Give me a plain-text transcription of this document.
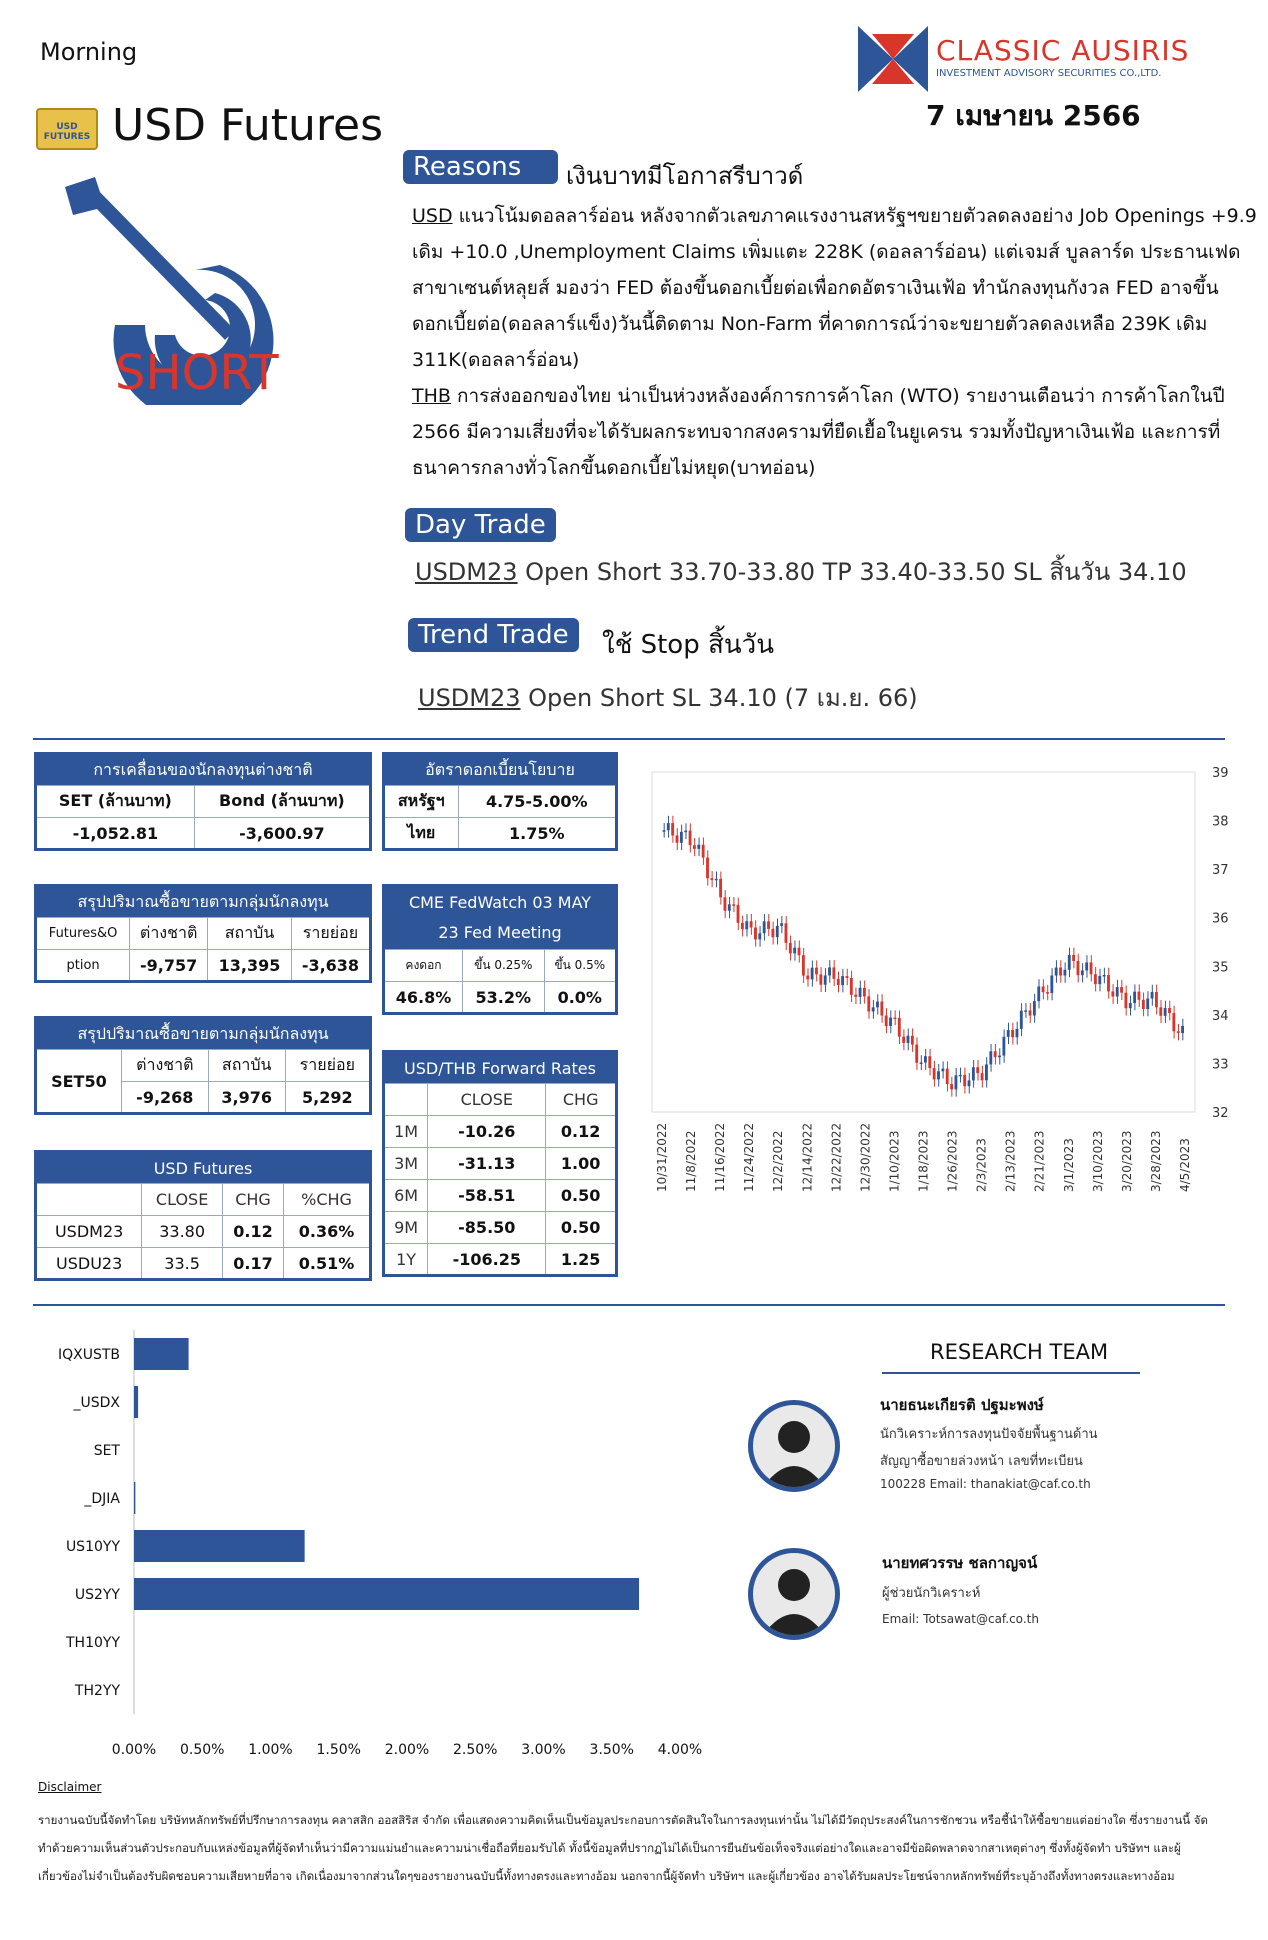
Morning
USD FUTURES USD Futures
CLASSIC AUSIRIS
INVESTMENT ADVISORY SECURITIES CO.,LTD.
7 เมษายน 2566
SHORT
Reasons	เงินบาทมีโอกาสรีบาวด์
USD แนวโน้มดอลลาร์อ่อน หลังจากตัวเลขภาคแรงงานสหรัฐฯขยายตัวลดลงอย่าง Job Openings +9.9 เดิม +10.0 ,Unemployment Claims เพิ่มแตะ 228K (ดอลลาร์อ่อน) แต่เจมส์ บูลลาร์ด ประธานเฟดสาขาเซนต์หลุยส์ มองว่า FED ต้องขึ้นดอกเบี้ยต่อเพื่อกดอัตราเงินเฟ้อ ทำนักลงทุนกังวล FED อาจขึ้นดอกเบี้ยต่อ(ดอลลาร์แข็ง)วันนี้ติดตาม Non-Farm ที่คาดการณ์ว่าจะขยายตัวลดลงเหลือ 239K เดิม 311K(ดอลลาร์อ่อน)
THB การส่งออกของไทย น่าเป็นห่วงหลังองค์การการค้าโลก (WTO) รายงานเตือนว่า การค้าโลกในปี 2566 มีความเสี่ยงที่จะได้รับผลกระทบจากสงครามที่ยืดเยื้อในยูเครน รวมทั้งปัญหาเงินเฟ้อ และการที่ธนาคารกลางทั่วโลกขึ้นดอกเบี้ยไม่หยุด(บาทอ่อน)
Day Trade
USDM23 Open Short 33.70-33.80 TP 33.40-33.50 SL สิ้นวัน 34.10
Trend Trade	ใช้ Stop สิ้นวัน
USDM23 Open Short SL 34.10 (7 เม.ย. 66)
การเคลื่อนของนักลงทุนต่างชาติ	
SET (ล้านบาท)	Bond (ล้านบาท)
-1,052.81	-3,600.97
อัตราดอกเบี้ยนโยบาย	
สหรัฐฯ	4.75-5.00%
ไทย	1.75%
สรุปปริมาณซื้อขายตามกลุ่มนักลงทุน			
Futures&O	ต่างชาติ	สถาบัน	รายย่อย
ption	-9,757	13,395	-3,638
CME FedWatch 03 MAY
23 Fed Meeting		
คงดอก	ขึ้น 0.25%	ขึ้น 0.5%
46.8%	53.2%	0.0%
สรุปปริมาณซื้อขายตามกลุ่มนักลงทุน			
SET50	ต่างชาติ	สถาบัน	รายย่อย
	-9,268	3,976	5,292
USD/THB Forward Rates		
	CLOSE	CHG
1M	-10.26	0.12
3M	-31.13	1.00
6M	-58.51	0.50
9M	-85.50	0.50
1Y	-106.25	1.25
USD Futures			
	CLOSE	CHG	%CHG
USDM23	33.80	0.12	0.36%
USDU23	33.5	0.17	0.51%
39
38
37
36
35
34
33
32
10/31/2022 11/8/2022 11/16/2022 11/24/2022 12/2/2022 12/14/2022 12/22/2022 12/30/2022 1/10/2023 1/18/2023 1/26/2023 2/3/2023 2/13/2023 2/21/2023 3/1/2023 3/10/2023 3/20/2023 3/28/2023 4/5/2023
IQXUSTB
_USDX
SET
_DJIA
US10YY
US2YY
TH10YY
TH2YY
0.00% 0.50% 1.00% 1.50% 2.00% 2.50% 3.00% 3.50% 4.00%
RESEARCH TEAM
นายธนะเกียรติ ปฐมะพงษ์
นักวิเคราะห์การลงทุนปัจจัยพื้นฐานด้าน
สัญญาซื้อขายล่วงหน้า เลขที่ทะเบียน
100228 Email: thanakiat@caf.co.th
นายทศวรรษ ชลกาญจน์
ผู้ช่วยนักวิเคราะห์
Email: Totsawat@caf.co.th
Disclaimer
รายงานฉบับนี้จัดทำโดย บริษัทหลักทรัพย์ที่ปรึกษาการลงทุน คลาสสิก ออสสิริส จำกัด เพื่อแสดงความคิดเห็นเป็นข้อมูลประกอบการตัดสินใจในการลงทุนเท่านั้น ไม่ได้มีวัตถุประสงค์ในการชักชวน หรือชี้นำให้ซื้อขายแต่อย่างใด ซึ่งรายงานนี้ จัดทำด้วยความเห็นส่วนตัวประกอบกับแหล่งข้อมูลที่ผู้จัดทำเห็นว่ามีความแม่นยำและความน่าเชื่อถือที่ยอมรับได้ ทั้งนี้ข้อมูลที่ปรากฏไม่ได้เป็นการยืนยันข้อเท็จจริงแต่อย่างใดและอาจมีข้อผิดพลาดจากสาเหตุต่างๆ ซึ่งทั้งผู้จัดทำ บริษัทฯ และผู้เกี่ยวข้องไม่จำเป็นต้องรับผิดชอบความเสียหายที่อาจ เกิดเนื่องมาจากส่วนใดๆของรายงานฉบับนี้ทั้งทางตรงและทางอ้อม นอกจากนี้ผู้จัดทำ บริษัทฯ และผู้เกี่ยวข้อง อาจได้รับผลประโยชน์จากหลักทรัพย์ที่ระบุอ้างถึงทั้งทางตรงและทางอ้อม
